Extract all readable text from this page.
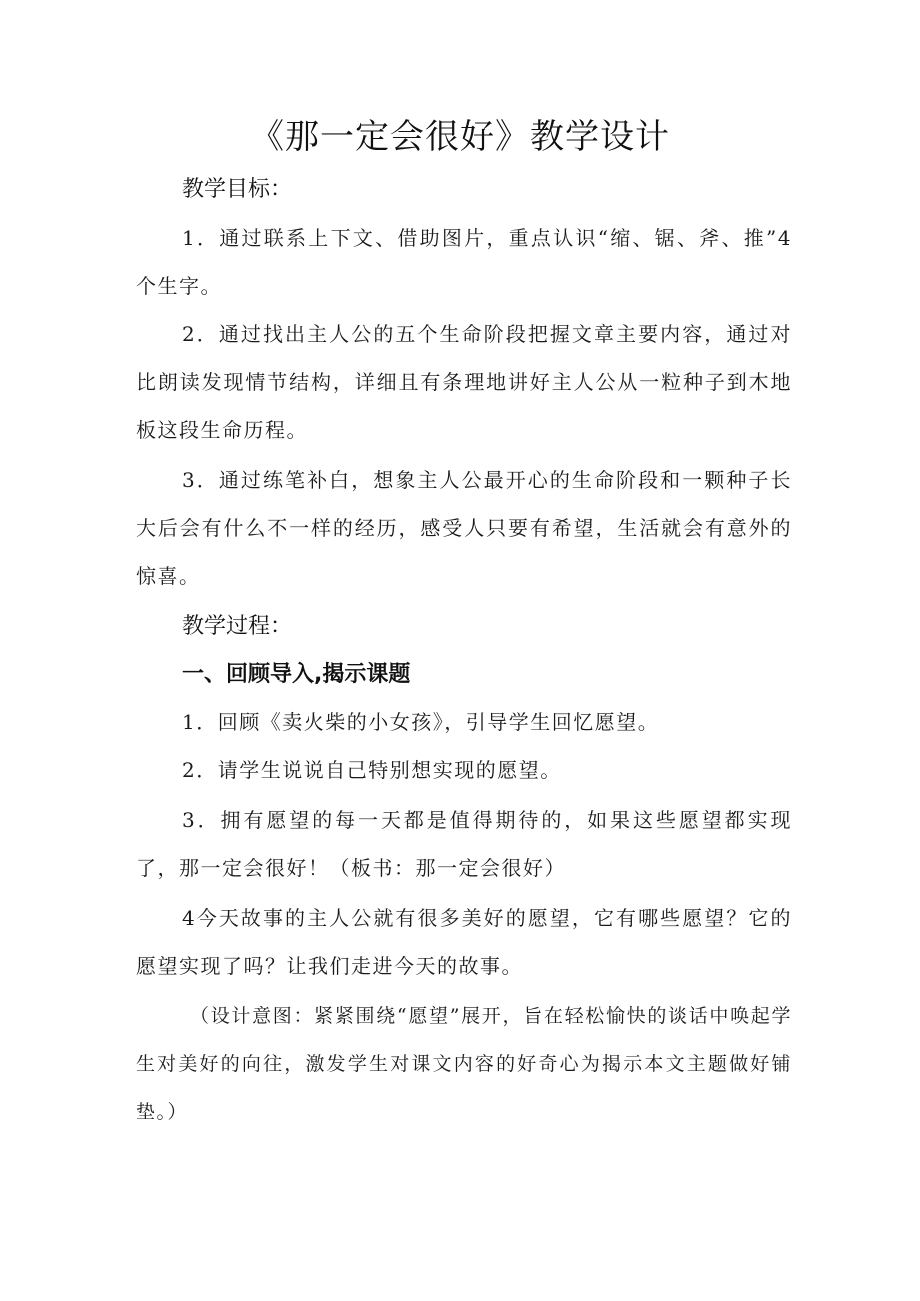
《那一定会很好》教学设计
教学目标：

1．通过联系上下文、借助图片，重点认识“缩、锯、斧、推”4个生字。

2．通过找出主人公的五个生命阶段把握文章主要内容，通过对比朗读发现情节结构，详细且有条理地讲好主人公从一粒种子到木地板这段生命历程。

3．通过练笔补白，想象主人公最开心的生命阶段和一颗种子长大后会有什么不一样的经历，感受人只要有希望，生活就会有意外的惊喜。

教学过程：
一、回顾导入,揭示课题

1．回顾《卖火柴的小女孩》，引导学生回忆愿望。

2．请学生说说自己特别想实现的愿望。

3．拥有愿望的每一天都是值得期待的，如果这些愿望都实现了，那一定会很好！（板书：那一定会很好）

4今天故事的主人公就有很多美好的愿望，它有哪些愿望？它的愿望实现了吗？让我们走进今天的故事。

（设计意图：紧紧围绕“愿望”展开，旨在轻松愉快的谈话中唤起学生对美好的向往，激发学生对课文内容的好奇心为揭示本文主题做好铺垫。）
